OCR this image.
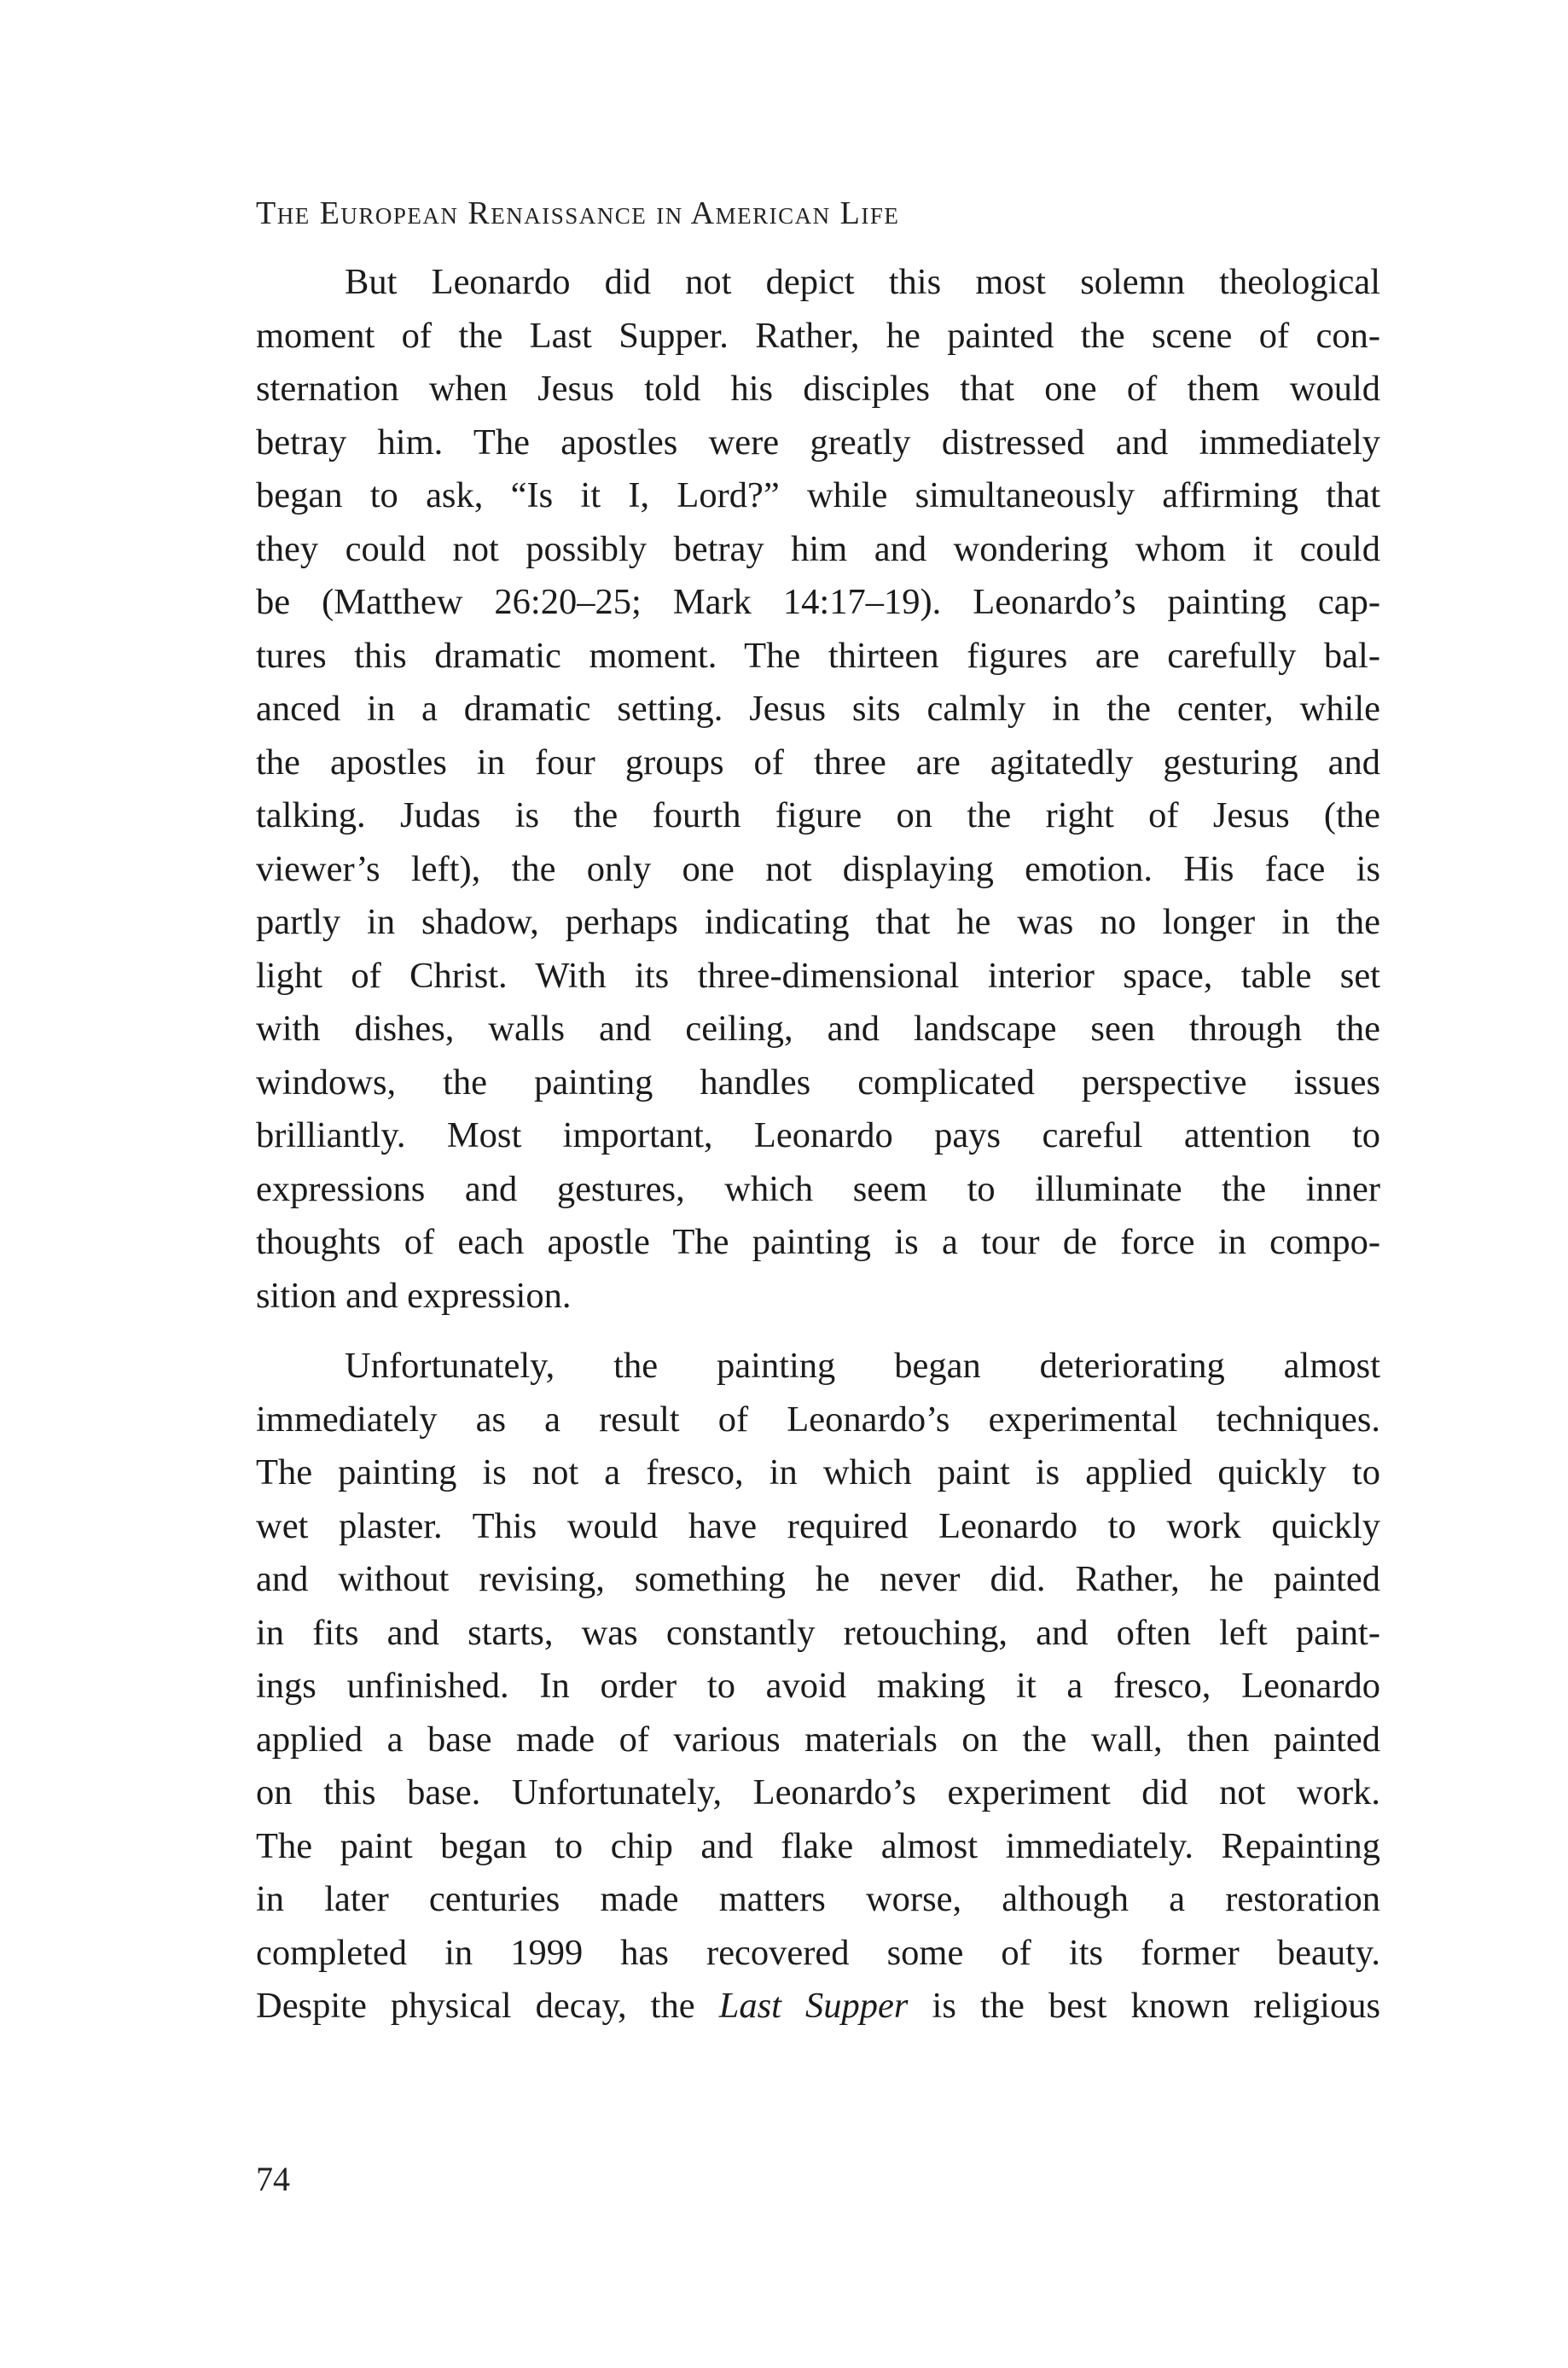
The European Renaissance in American Life
But Leonardo did not depict this most solemn theological
moment of the Last Supper. Rather, he painted the scene of con-
sternation when Jesus told his disciples that one of them would
betray him. The apostles were greatly distressed and immediately
began to ask, “Is it I, Lord?” while simultaneously affirming that
they could not possibly betray him and wondering whom it could
be (Matthew 26:20–25; Mark 14:17–19). Leonardo’s painting cap-
tures this dramatic moment. The thirteen figures are carefully bal-
anced in a dramatic setting. Jesus sits calmly in the center, while
the apostles in four groups of three are agitatedly gesturing and
talking. Judas is the fourth figure on the right of Jesus (the
viewer’s left), the only one not displaying emotion. His face is
partly in shadow, perhaps indicating that he was no longer in the
light of Christ. With its three-dimensional interior space, table set
with dishes, walls and ceiling, and landscape seen through the
windows, the painting handles complicated perspective issues
brilliantly. Most important, Leonardo pays careful attention to
expressions and gestures, which seem to illuminate the inner
thoughts of each apostle The painting is a tour de force in compo-
sition and expression.
Unfortunately, the painting began deteriorating almost
immediately as a result of Leonardo’s experimental techniques.
The painting is not a fresco, in which paint is applied quickly to
wet plaster. This would have required Leonardo to work quickly
and without revising, something he never did. Rather, he painted
in fits and starts, was constantly retouching, and often left paint-
ings unfinished. In order to avoid making it a fresco, Leonardo
applied a base made of various materials on the wall, then painted
on this base. Unfortunately, Leonardo’s experiment did not work.
The paint began to chip and flake almost immediately. Repainting
in later centuries made matters worse, although a restoration
completed in 1999 has recovered some of its former beauty.
Despite physical decay, the Last Supper is the best known religious
74
